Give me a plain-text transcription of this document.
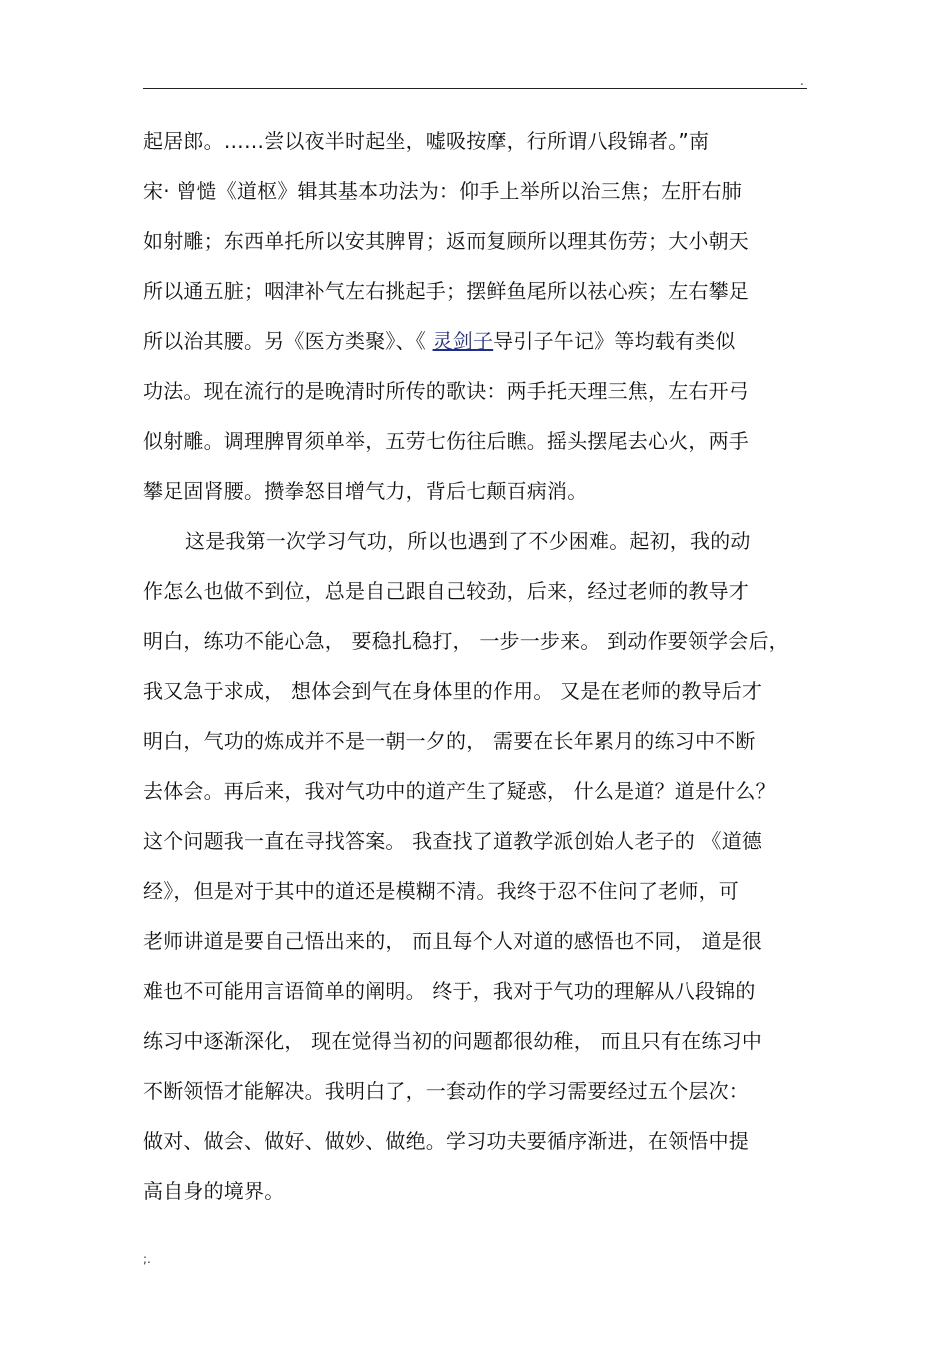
.
起居郎。……尝以夜半时起坐，嘘吸按摩，行所谓八段锦者。”南
宋· 曾慥《道枢》辑其基本功法为：仰手上举所以治三焦；左肝右肺
如射雕；东西单托所以安其脾胃；返而复顾所以理其伤劳；大小朝天
所以通五脏；咽津补气左右挑起手；摆鲜鱼尾所以祛心疾；左右攀足
所以治其腰。另《医方类聚》、《 灵剑子导引子午记》等均载有类似
功法。现在流行的是晚清时所传的歌诀：两手托天理三焦，左右开弓
似射雕。调理脾胃须单举，五劳七伤往后瞧。摇头摆尾去心火，两手
攀足固肾腰。攒拳怒目增气力，背后七颠百病消。
这是我第一次学习气功，所以也遇到了不少困难。起初，我的动
作怎么也做不到位，总是自己跟自己较劲，后来，经过老师的教导才
明白，练功不能心急， 要稳扎稳打， 一步一步来。 到动作要领学会后，
我又急于求成， 想体会到气在身体里的作用。 又是在老师的教导后才
明白，气功的炼成并不是一朝一夕的， 需要在长年累月的练习中不断
去体会。再后来，我对气功中的道产生了疑惑， 什么是道？道是什么？
这个问题我一直在寻找答案。 我查找了道教学派创始人老子的 《道德
经》，但是对于其中的道还是模糊不清。我终于忍不住问了老师，可
老师讲道是要自己悟出来的， 而且每个人对道的感悟也不同， 道是很
难也不可能用言语简单的阐明。 终于，我对于气功的理解从八段锦的
练习中逐渐深化， 现在觉得当初的问题都很幼稚， 而且只有在练习中
不断领悟才能解决。我明白了，一套动作的学习需要经过五个层次：
做对、做会、做好、做妙、做绝。学习功夫要循序渐进，在领悟中提
高自身的境界。
;.
